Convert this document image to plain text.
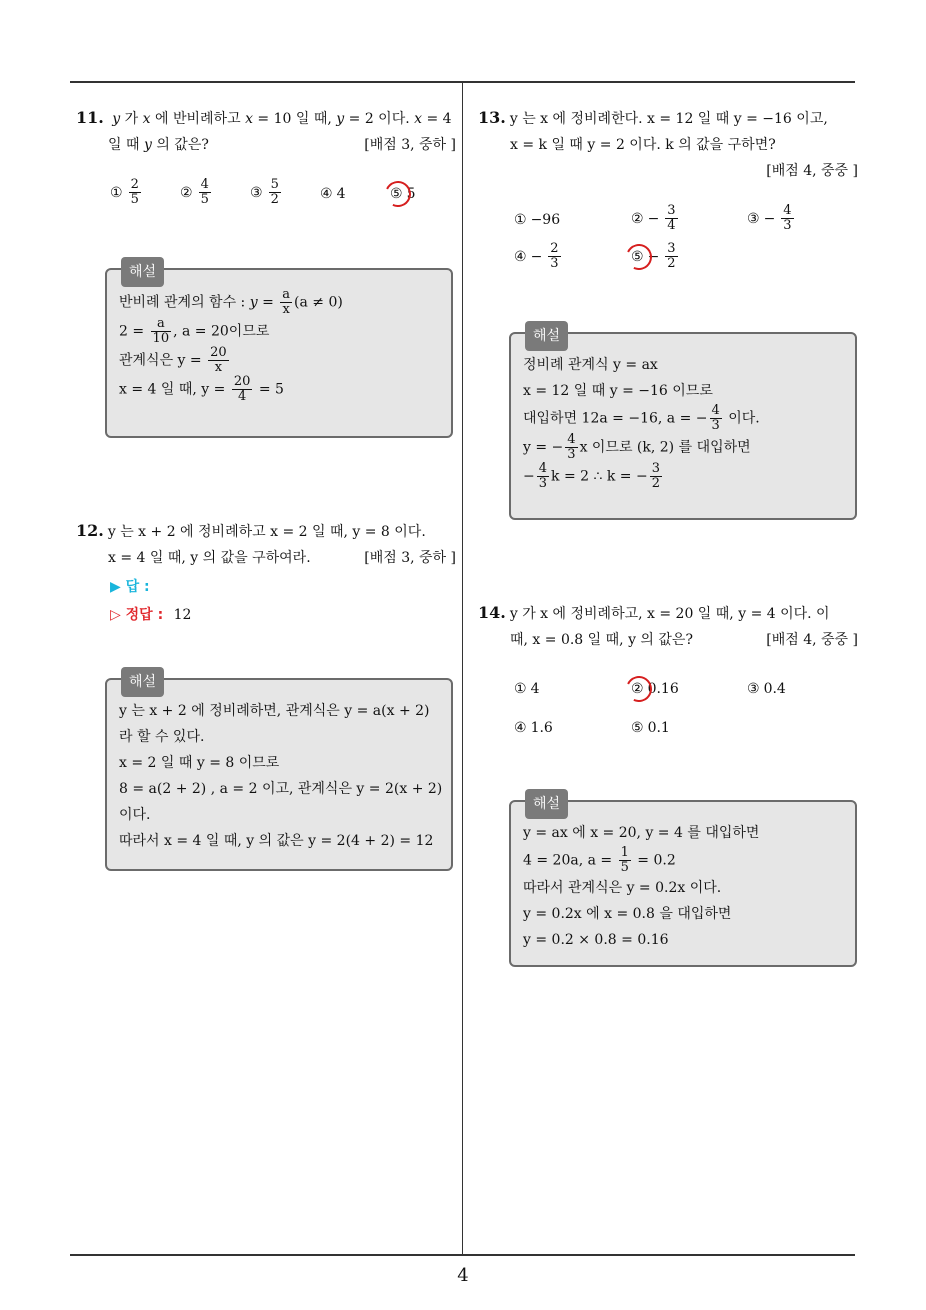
11. y 가 x 에 반비례하고 x = 10 일 때, y = 2 이다. x = 4
일 때 y 의 값은?	[배점 3, 중하 ]
① $\frac{2}{5}$	② $\frac{4}{5}$	③ $\frac{5}{2}$	④ 4	⑤ 5
해설
반비례 관계의 함수 : $y = \frac{a}{x} (a \ne 0)$
$2 = \frac{a}{10}$ , a = 20이므로
관계식은 $y = \frac{20}{x}$
x = 4 일 때, $y = \frac{20}{4} = 5$
12. y 는 x + 2 에 정비례하고 x = 2 일 때, y = 8 이다.
x = 4 일 때, y 의 값을 구하여라.	[배점 3, 중하 ]
▶ 답 :
▷ 정답 : 12
해설
y 는 x + 2 에 정비례하면, 관계식은 y = a(x + 2)
라 할 수 있다.
x = 2 일 때 y = 8 이므로
8 = a(2 + 2) , a = 2 이고, 관계식은 y = 2(x + 2)
이다.
따라서 x = 4 일 때, y 의 값은 y = 2(4 + 2) = 12
13. y 는 x 에 정비례한다. x = 12 일 때 y = −16 이고,
x = k 일 때 y = 2 이다. k 의 값을 구하면?
[배점 4, 중중 ]
① −96	② − $\frac{3}{4}$	③ − $\frac{4}{3}$
④ − $\frac{2}{3}$	⑤ − $\frac{3}{2}$
해설
정비례 관계식 y = ax
x = 12 일 때 y = −16 이므로
대입하면 12a = −16, a = − $\frac{4}{3}$ 이다.
y = − $\frac{4}{3}$ x 이므로 (k, 2) 를 대입하면
− $\frac{4}{3}$ k = 2 ∴ k = − $\frac{3}{2}$
14. y 가 x 에 정비례하고, x = 20 일 때, y = 4 이다. 이
때, x = 0.8 일 때, y 의 값은?	[배점 4, 중중 ]
① 4	② 0.16	③ 0.4
④ 1.6	⑤ 0.1
해설
y = ax 에 x = 20, y = 4 를 대입하면
4 = 20a, $a = \frac{1}{5} = 0.2$
따라서 관계식은 y = 0.2x 이다.
y = 0.2x 에 x = 0.8 을 대입하면
y = 0.2 × 0.8 = 0.16
4
